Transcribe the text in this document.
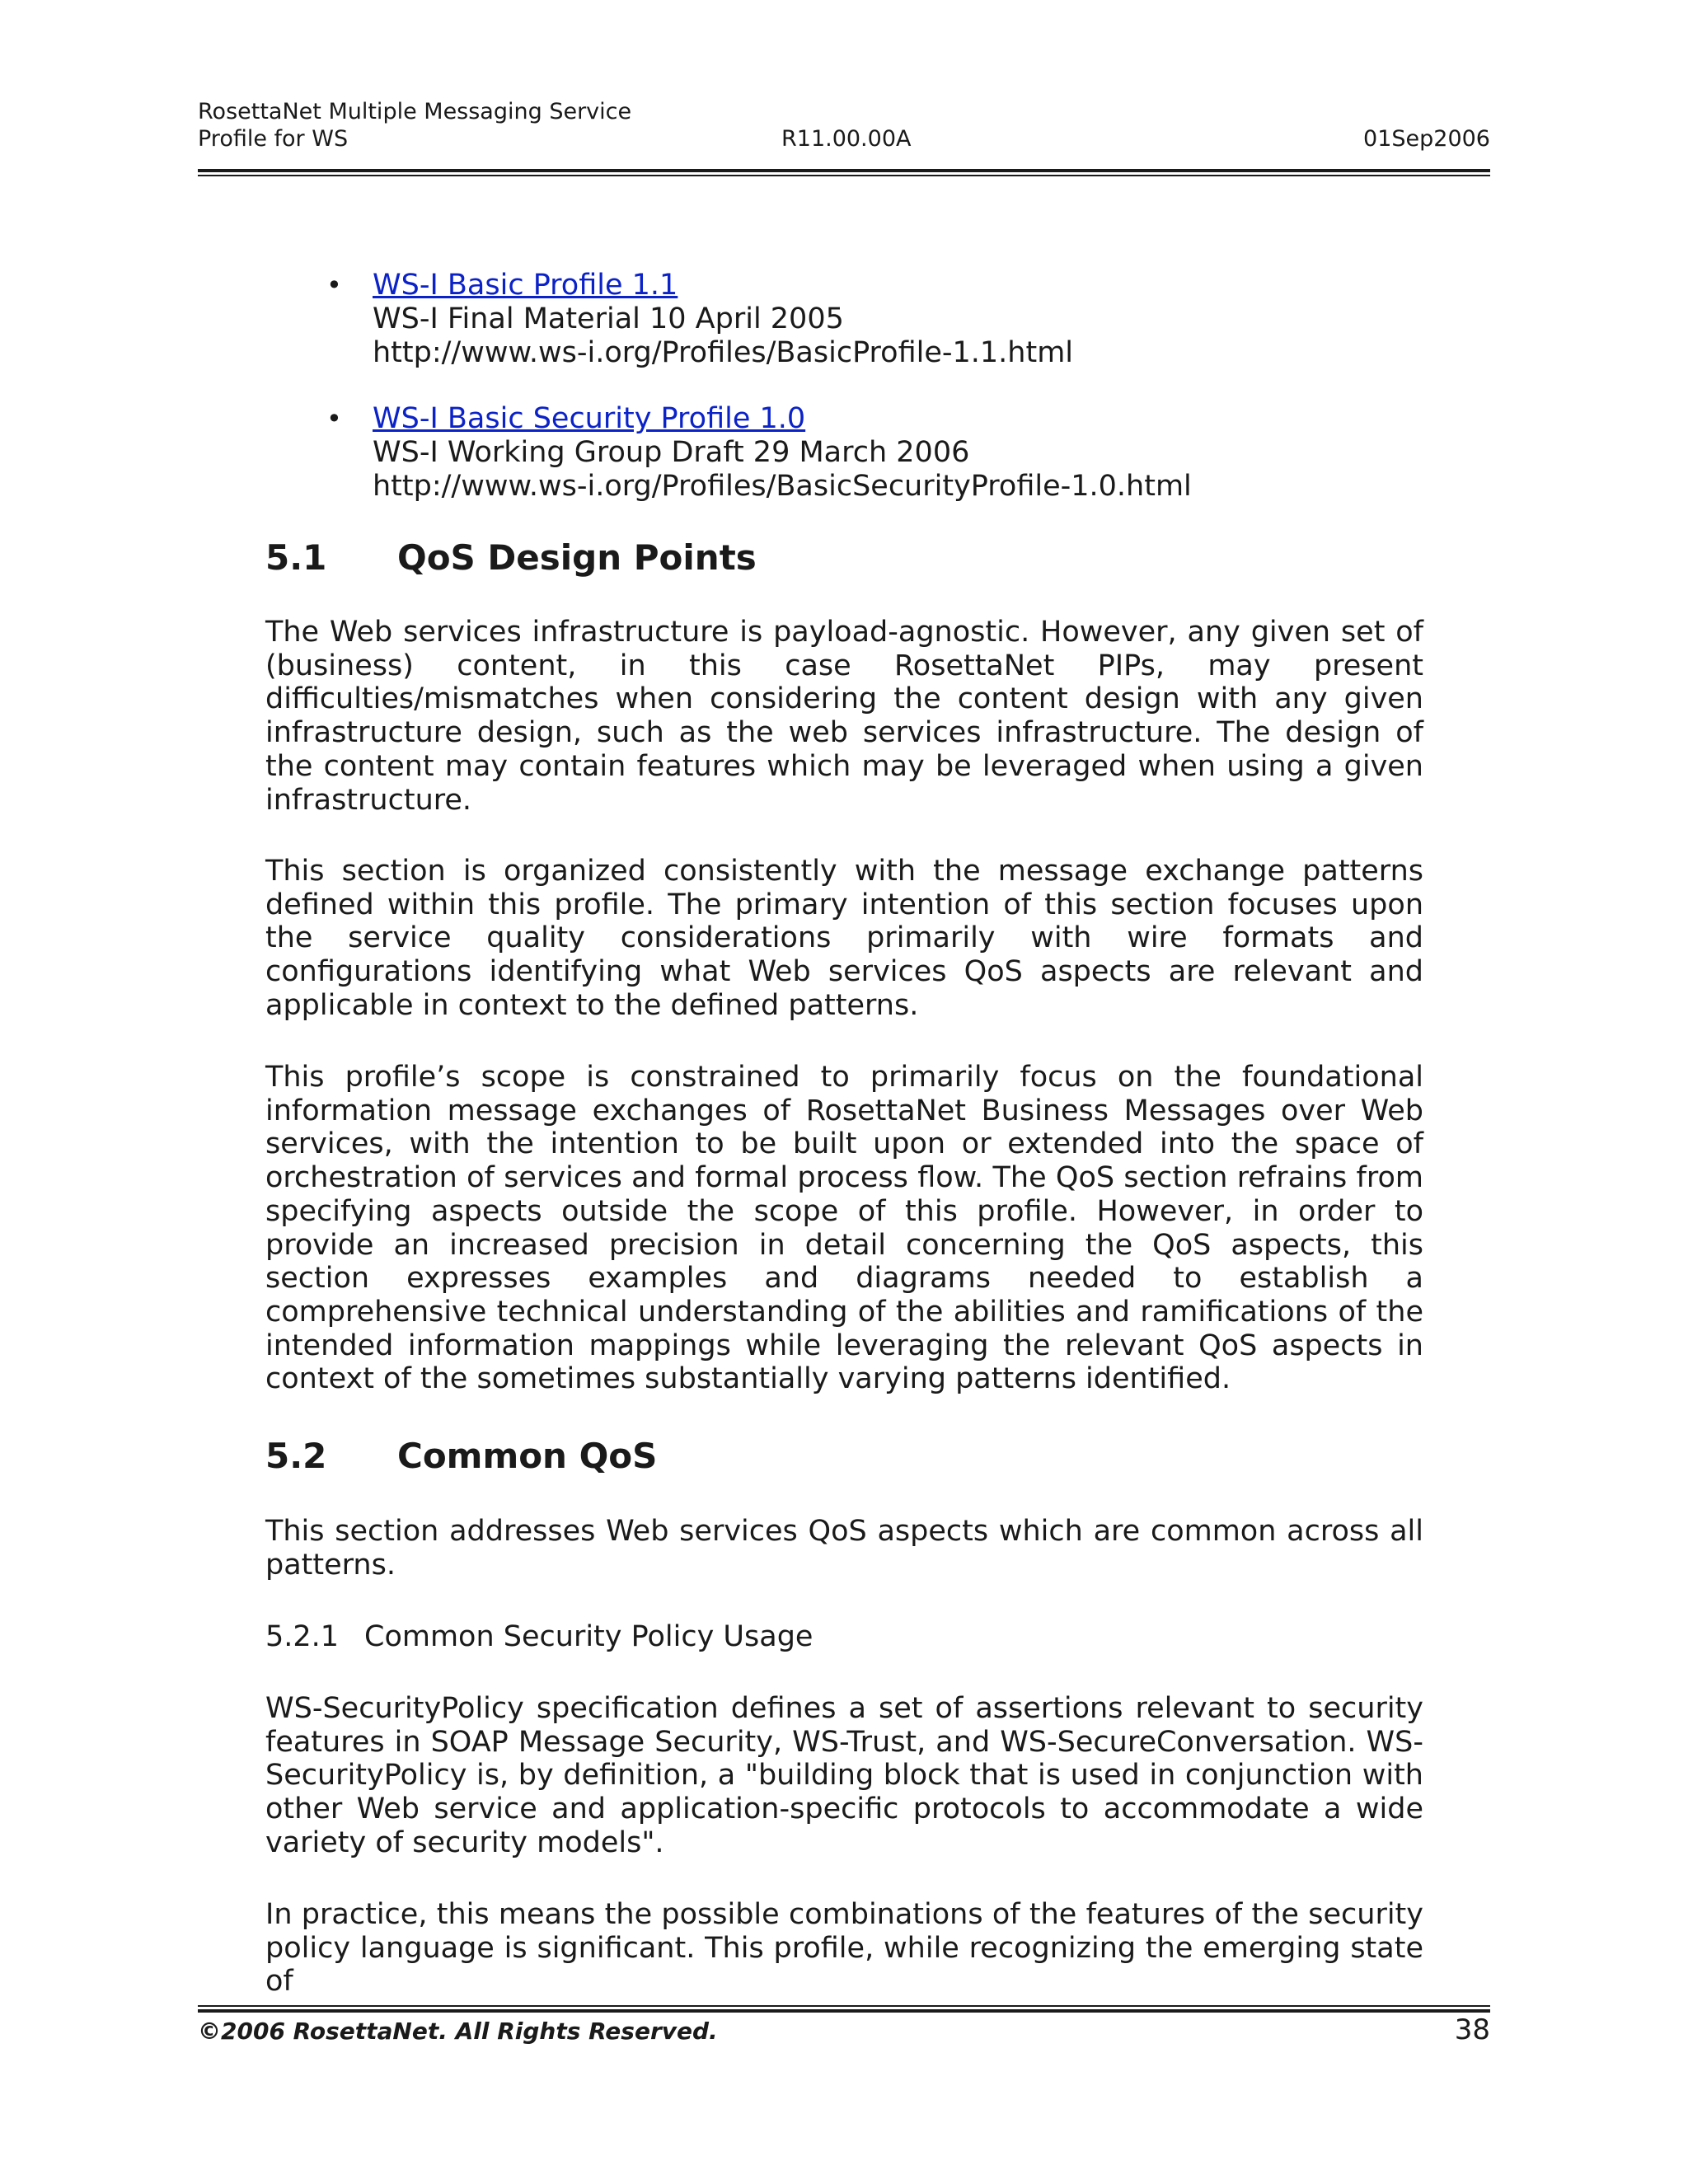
RosettaNet Multiple Messaging Service
Profile for WS	R11.00.00A	01Sep2006
• WS-I Basic Profile 1.1
WS-I Final Material 10 April 2005
http://www.ws-i.org/Profiles/BasicProfile-1.1.html
• WS-I Basic Security Profile 1.0
WS-I Working Group Draft 29 March 2006
http://www.ws-i.org/Profiles/BasicSecurityProfile-1.0.html
5.1 QoS Design Points

The Web services infrastructure is payload-agnostic. However, any given set of (business) content, in this case RosettaNet PIPs, may present difficulties/mismatches when considering the content design with any given infrastructure design, such as the web services infrastructure. The design of the content may contain features which may be leveraged when using a given infrastructure.

This section is organized consistently with the message exchange patterns defined within this profile. The primary intention of this section focuses upon the service quality considerations primarily with wire formats and configurations identifying what Web services QoS aspects are relevant and applicable in context to the defined patterns.

This profile’s scope is constrained to primarily focus on the foundational information message exchanges of RosettaNet Business Messages over Web services, with the intention to be built upon or extended into the space of orchestration of services and formal process flow. The QoS section refrains from specifying aspects outside the scope of this profile. However, in order to provide an increased precision in detail concerning the QoS aspects, this section expresses examples and diagrams needed to establish a comprehensive technical understanding of the abilities and ramifications of the intended information mappings while leveraging the relevant QoS aspects in context of the sometimes substantially varying patterns identified.

5.2 Common QoS

This section addresses Web services QoS aspects which are common across all patterns.

5.2.1 Common Security Policy Usage

WS-SecurityPolicy specification defines a set of assertions relevant to security features in SOAP Message Security, WS-Trust, and WS-SecureConversation. WS-SecurityPolicy is, by definition, a "building block that is used in conjunction with other Web service and application-specific protocols to accommodate a wide variety of security models".

In practice, this means the possible combinations of the features of the security policy language is significant. This profile, while recognizing the emerging state of

©2006 RosettaNet. All Rights Reserved.	38
